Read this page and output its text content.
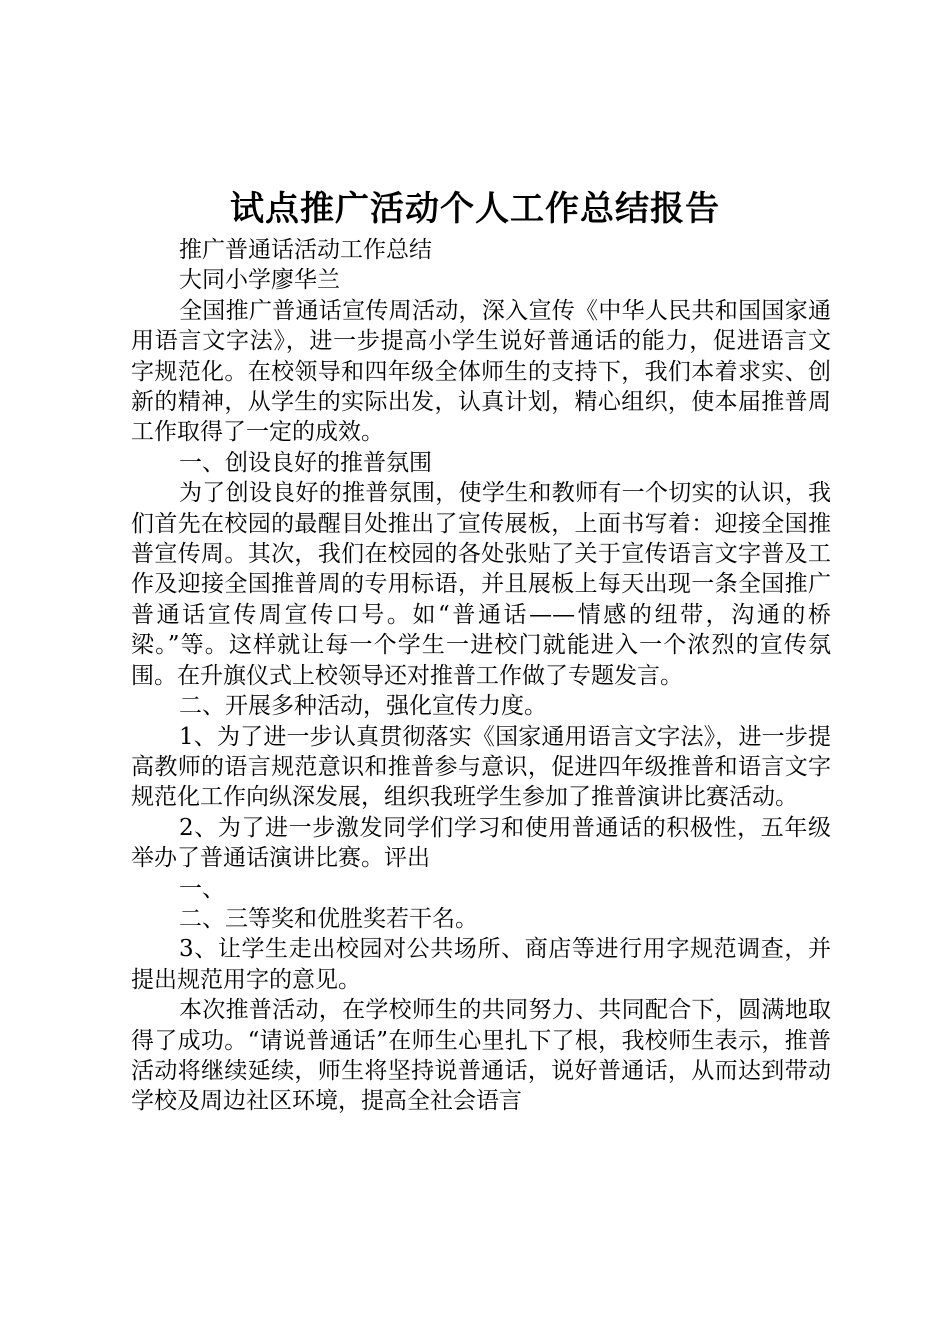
试点推广活动个人工作总结报告

推广普通话活动工作总结

大同小学廖华兰

全国推广普通话宣传周活动，深入宣传《中华人民共和国国家通用语言文字法》，进一步提高小学生说好普通话的能力，促进语言文字规范化。在校领导和四年级全体师生的支持下，我们本着求实、创新的精神，从学生的实际出发，认真计划，精心组织，使本届推普周工作取得了一定的成效。

一、创设良好的推普氛围

为了创设良好的推普氛围，使学生和教师有一个切实的认识，我们首先在校园的最醒目处推出了宣传展板，上面书写着：迎接全国推普宣传周。其次，我们在校园的各处张贴了关于宣传语言文字普及工作及迎接全国推普周的专用标语，并且展板上每天出现一条全国推广普通话宣传周宣传口号。如“普通话——情感的纽带，沟通的桥梁。”等。这样就让每一个学生一进校门就能进入一个浓烈的宣传氛围。在升旗仪式上校领导还对推普工作做了专题发言。

二、开展多种活动，强化宣传力度。

1、为了进一步认真贯彻落实《国家通用语言文字法》，进一步提高教师的语言规范意识和推普参与意识，促进四年级推普和语言文字规范化工作向纵深发展，组织我班学生参加了推普演讲比赛活动。

2、为了进一步激发同学们学习和使用普通话的积极性，五年级举办了普通话演讲比赛。评出

一、

二、三等奖和优胜奖若干名。

3、让学生走出校园对公共场所、商店等进行用字规范调查，并提出规范用字的意见。

本次推普活动，在学校师生的共同努力、共同配合下，圆满地取得了成功。“请说普通话”在师生心里扎下了根，我校师生表示，推普活动将继续延续，师生将坚持说普通话，说好普通话，从而达到带动学校及周边社区环境，提高全社会语言
